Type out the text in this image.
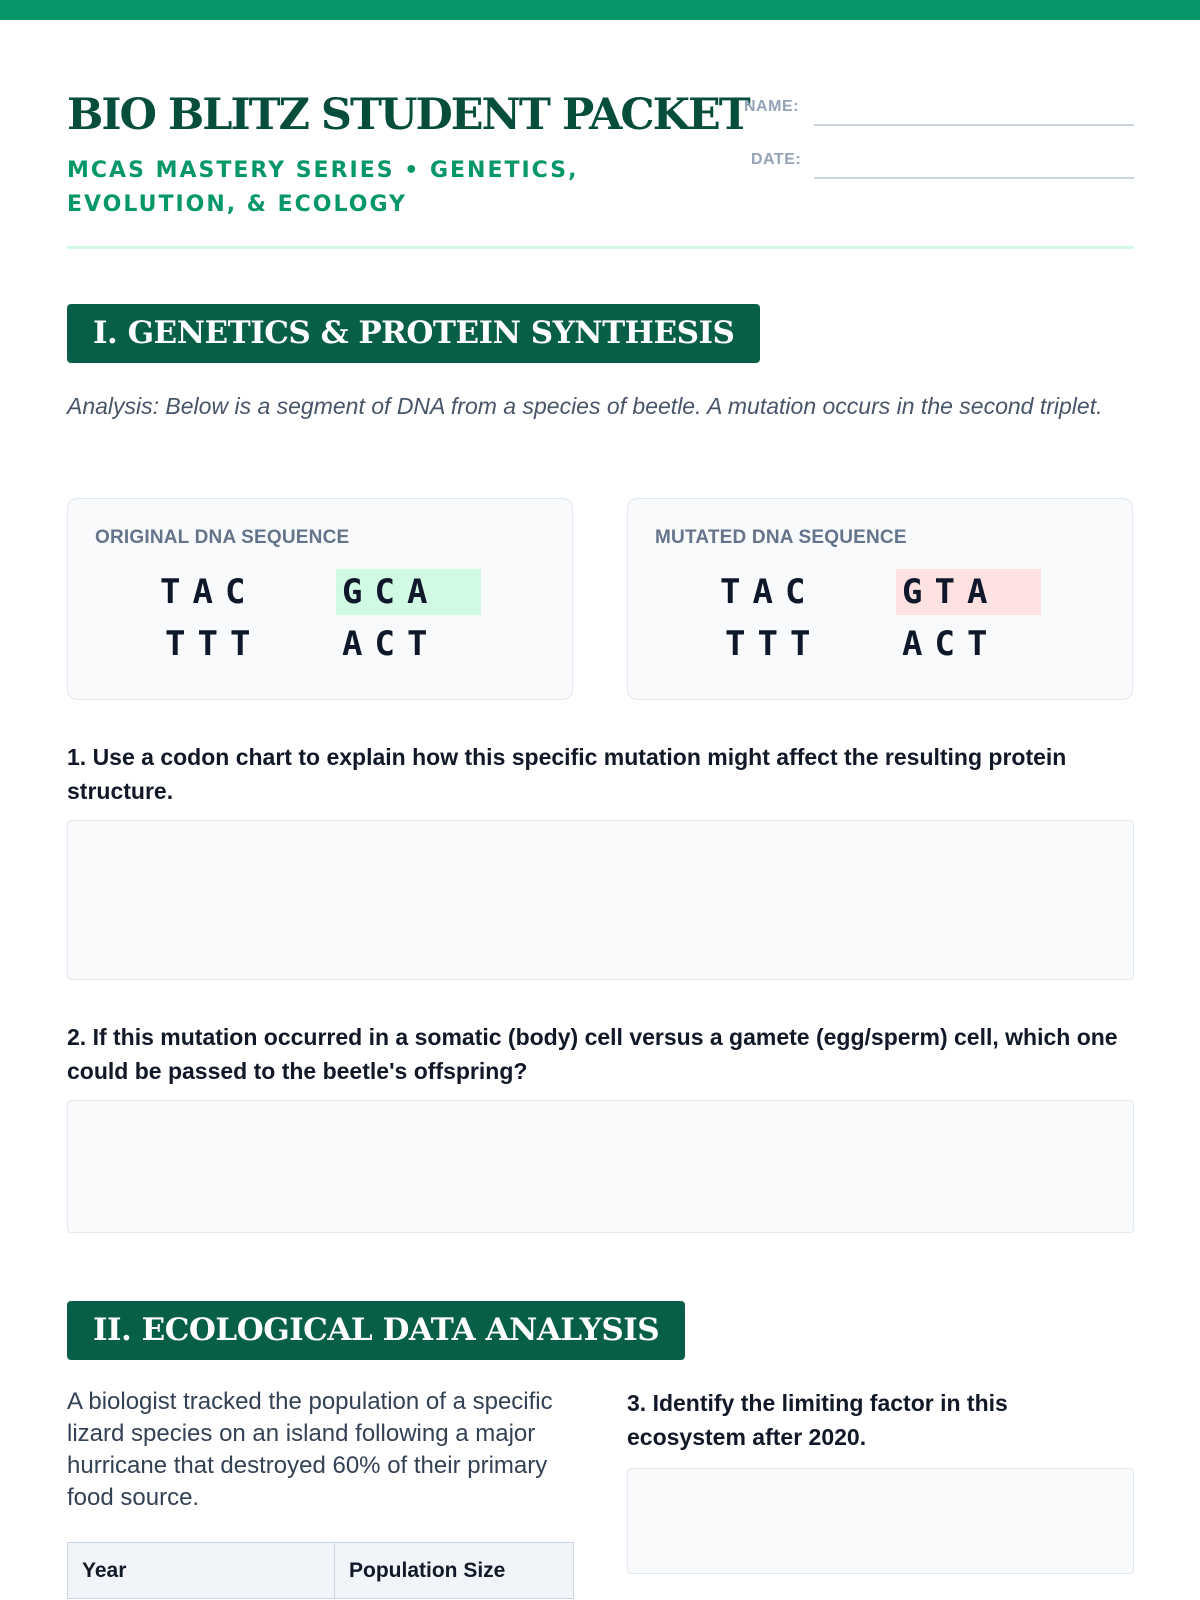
BIO BLITZ STUDENT PACKET
MCAS MASTERY SERIES • GENETICS, EVOLUTION, & ECOLOGY
NAME:
DATE:
I. GENETICS & PROTEIN SYNTHESIS
Analysis: Below is a segment of DNA from a species of beetle. A mutation occurs in the second triplet.
ORIGINAL DNA SEQUENCE
TAC GCA
TTT ACT
MUTATED DNA SEQUENCE
TAC GTA
TTT ACT
1. Use a codon chart to explain how this specific mutation might affect the resulting protein structure.
2. If this mutation occurred in a somatic (body) cell versus a gamete (egg/sperm) cell, which one could be passed to the beetle's offspring?
II. ECOLOGICAL DATA ANALYSIS
A biologist tracked the population of a specific lizard species on an island following a major hurricane that destroyed 60% of their primary food source.
3. Identify the limiting factor in this ecosystem after 2020.
Year	Population Size
